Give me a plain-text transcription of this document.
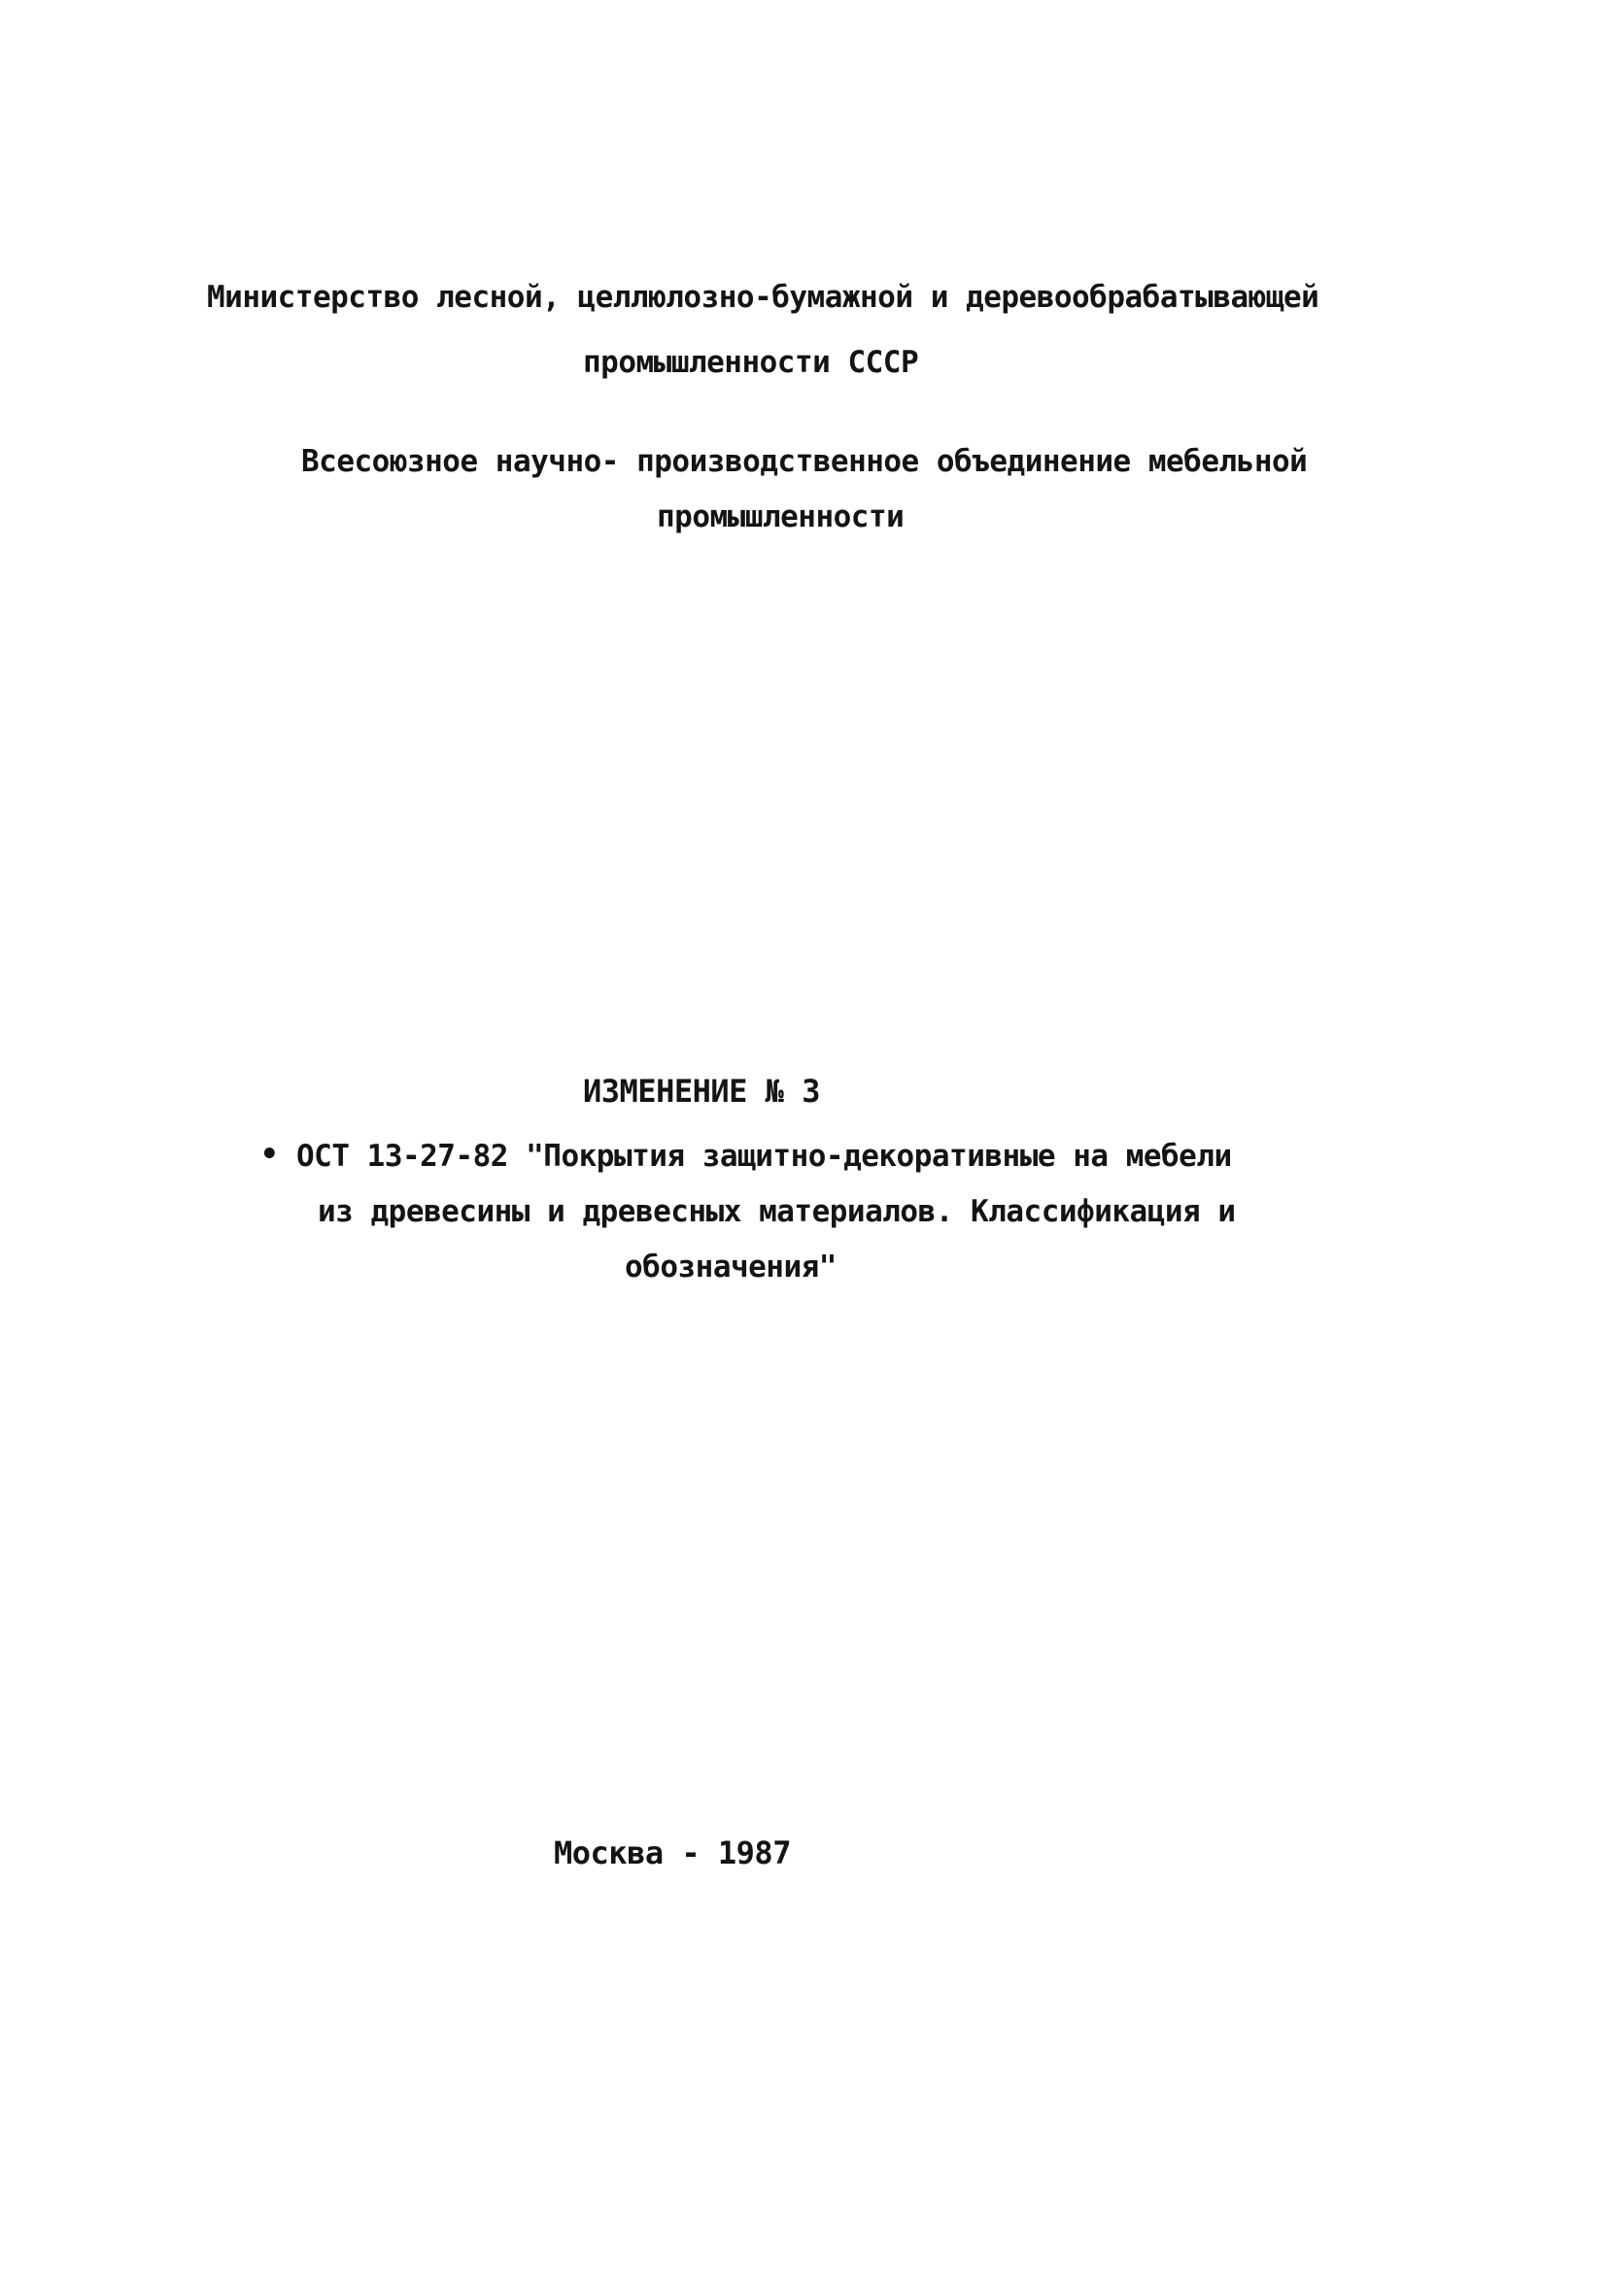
Министерство лесной, целлюлозно-бумажной и деревообрабатывающей
промышленности СССР
Всесоюзное научно- производственное объединение мебельной
промышленности
ИЗМЕНЕНИЕ № 3
• ОСТ 13-27-82 "Покрытия защитно-декоративные на мебели
из древесины и древесных материалов. Классификация и
обозначения"
Москва - 1987
